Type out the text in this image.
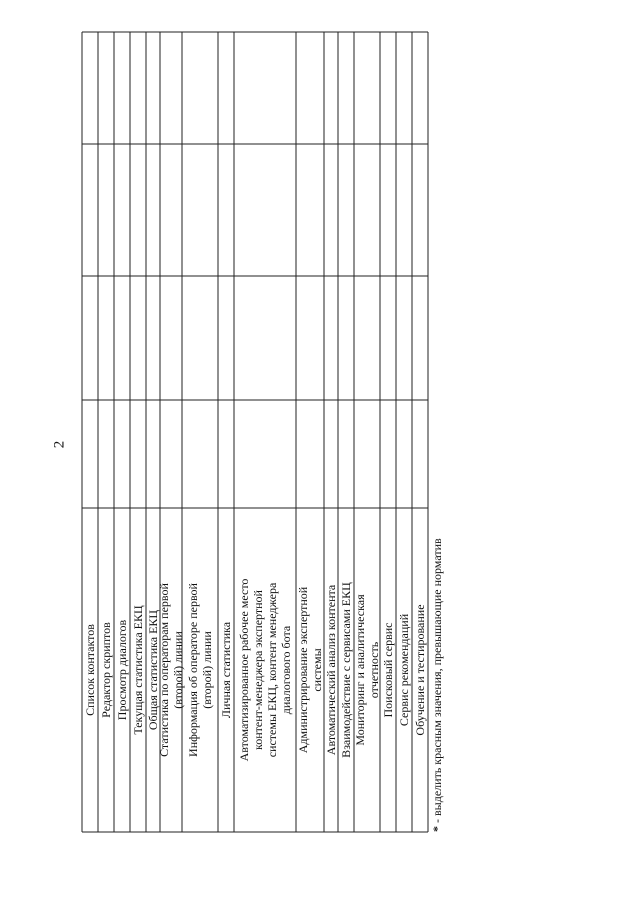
Список контактов Редактор скриптов Просмотр диалогов Текущая статистика ЕКЦ Общая статистика ЕКЦ
Статистика по операторам первой (второй) линии Информация об операторе первой (второй) линии Личная статистика Автоматизированное рабочее место контент-менеджера экспертной системы ЕКЦ, контент менеджера диалогового бота Администрирование экспертной системы Автоматический анализ контента Взаимодействие с сервисами ЕКЦ Мониторинг и аналитическая отчетность Поисковый сервис Сервис рекомендаций Обучение и тестирование
2
* - выделить красным значения, превышающие норматив
